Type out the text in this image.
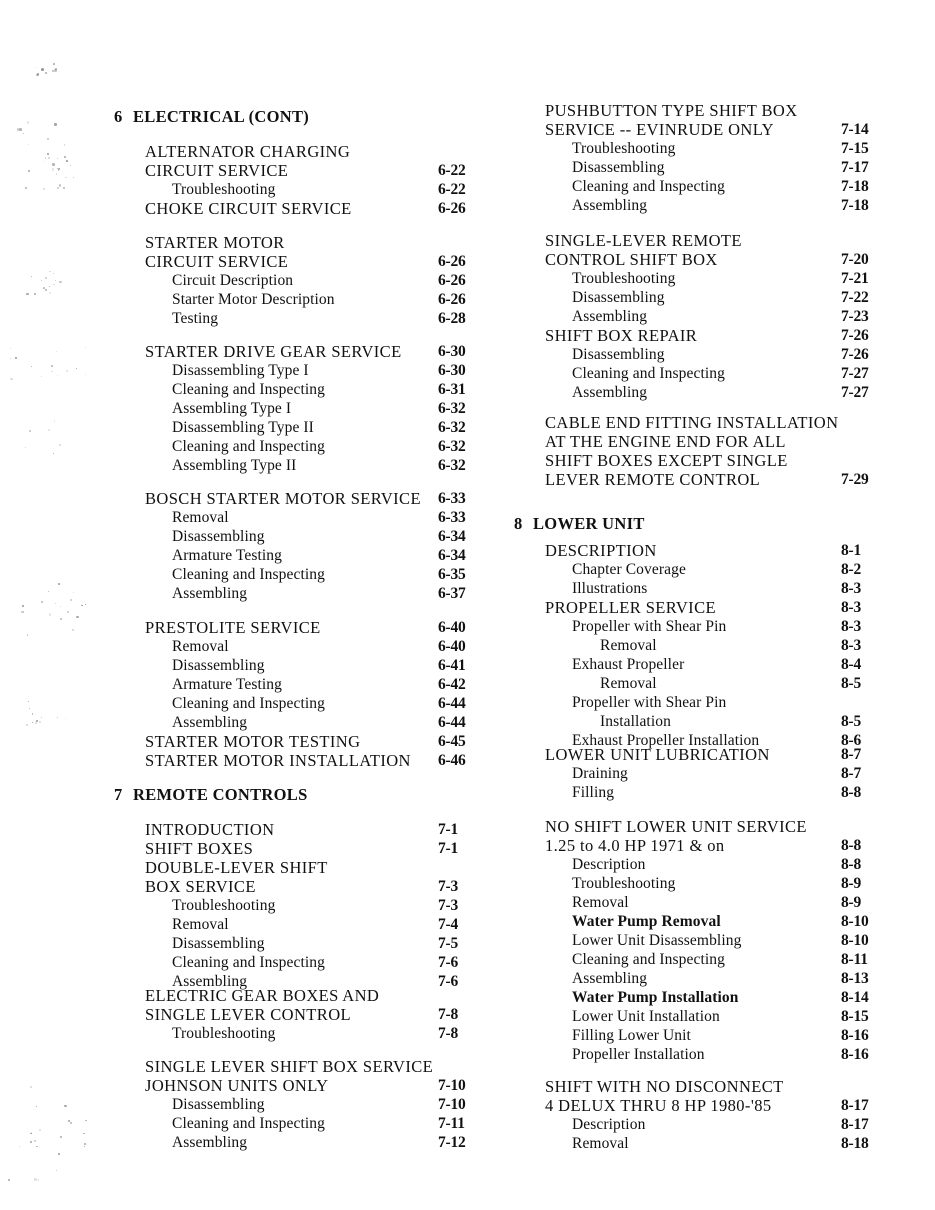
6 ELECTRICAL (CONT)
ALTERNATOR CHARGING
CIRCUIT SERVICE	6-22
Troubleshooting	6-22
CHOKE CIRCUIT SERVICE	6-26
STARTER MOTOR
CIRCUIT SERVICE	6-26
Circuit Description	6-26
Starter Motor Description	6-26
Testing	6-28
STARTER DRIVE GEAR SERVICE 6-30
Disassembling Type I	6-30
Cleaning and Inspecting	6-31
Assembling Type I	6-32
Disassembling Type II	6-32
Cleaning and Inspecting	6-32
Assembling Type II	6-32
BOSCH STARTER MOTOR SERVICE 6-33
Removal	6-33
Disassembling	6-34
Armature Testing	6-34
Cleaning and Inspecting	6-35
Assembling	6-37
PRESTOLITE SERVICE	6-40
Removal	6-40
Disassembling	6-41
Armature Testing	6-42
Cleaning and Inspecting	6-44
Assembling	6-44
STARTER MOTOR TESTING	6-45
STARTER MOTOR INSTALLATION 6-46
7 REMOTE CONTROLS
INTRODUCTION	7-1
SHIFT BOXES	7-1
DOUBLE-LEVER SHIFT
BOX SERVICE	7-3
Troubleshooting	7-3
Removal	7-4
Disassembling	7-5
Cleaning and Inspecting	7-6
Assembling	7-6
ELECTRIC GEAR BOXES AND
SINGLE LEVER CONTROL	7-8
Troubleshooting	7-8
SINGLE LEVER SHIFT BOX SERVICE
JOHNSON UNITS ONLY	7-10
Disassembling	7-10
Cleaning and Inspecting	7-11
Assembling	7-12
PUSHBUTTON TYPE SHIFT BOX
SERVICE -- EVINRUDE ONLY	7-14
Troubleshooting	7-15
Disassembling	7-17
Cleaning and Inspecting	7-18
Assembling	7-18
SINGLE-LEVER REMOTE
CONTROL SHIFT BOX	7-20
Troubleshooting	7-21
Disassembling	7-22
Assembling	7-23
SHIFT BOX REPAIR	7-26
Disassembling	7-26
Cleaning and Inspecting	7-27
Assembling	7-27
CABLE END FITTING INSTALLATION
AT THE ENGINE END FOR ALL
SHIFT BOXES EXCEPT SINGLE
LEVER REMOTE CONTROL	7-29
8 LOWER UNIT
DESCRIPTION	8-1
Chapter Coverage	8-2
Illustrations	8-3
PROPELLER SERVICE	8-3
Propeller with Shear Pin	8-3
Removal	8-3
Exhaust Propeller	8-4
Removal	8-5
Propeller with Shear Pin
Installation	8-5
Exhaust Propeller Installation	8-6
LOWER UNIT LUBRICATION	8-7
Draining	8-7
Filling	8-8
NO SHIFT LOWER UNIT SERVICE
1.25 to 4.0 HP 1971 & on	8-8
Description	8-8
Troubleshooting	8-9
Removal	8-9
Water Pump Removal	8-10
Lower Unit Disassembling	8-10
Cleaning and Inspecting	8-11
Assembling	8-13
Water Pump Installation	8-14
Lower Unit Installation	8-15
Filling Lower Unit	8-16
Propeller Installation	8-16
SHIFT WITH NO DISCONNECT
4 DELUX THRU 8 HP 1980-'85	8-17
Description	8-17
Removal	8-18
